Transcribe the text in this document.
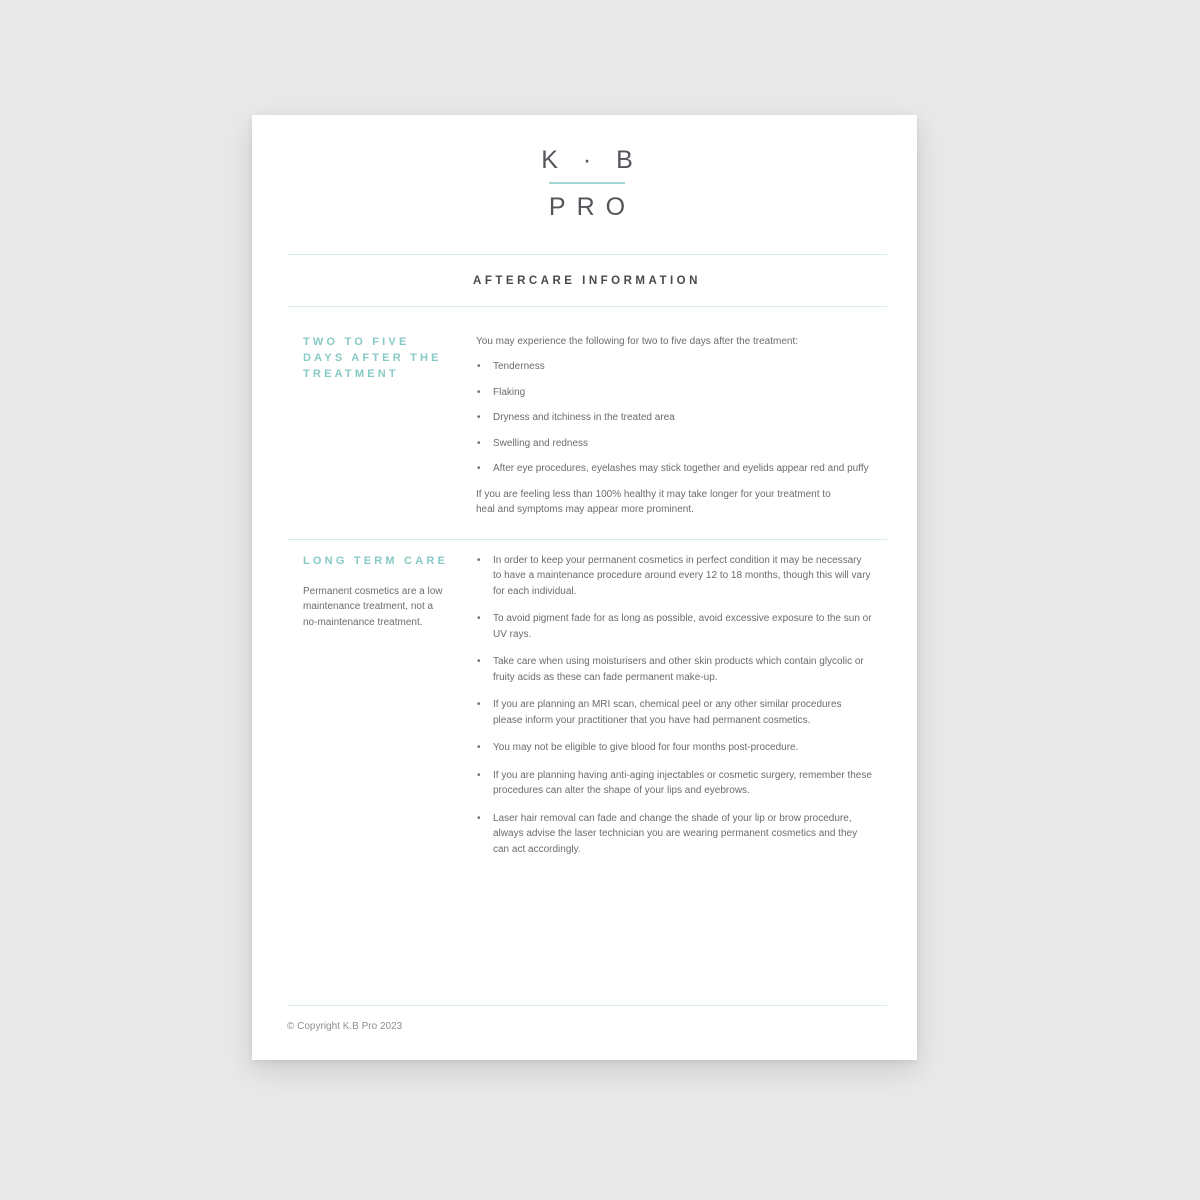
K · B
PRO
AFTERCARE INFORMATION
TWO TO FIVE DAYS AFTER THE TREATMENT

You may experience the following for two to five days after the treatment:

• Tenderness
• Flaking
• Dryness and itchiness in the treated area
• Swelling and redness
• After eye procedures, eyelashes may stick together and eyelids appear red and puffy

If you are feeling less than 100% healthy it may take longer for your treatment to heal and symptoms may appear more prominent.

LONG TERM CARE

Permanent cosmetics are a low maintenance treatment, not a no-maintenance treatment.

• In order to keep your permanent cosmetics in perfect condition it may be necessary to have a maintenance procedure around every 12 to 18 months, though this will vary for each individual.
• To avoid pigment fade for as long as possible, avoid excessive exposure to the sun or UV rays.
• Take care when using moisturisers and other skin products which contain glycolic or fruity acids as these can fade permanent make-up.
• If you are planning an MRI scan, chemical peel or any other similar procedures please inform your practitioner that you have had permanent cosmetics.
• You may not be eligible to give blood for four months post-procedure.
• If you are planning having anti-aging injectables or cosmetic surgery, remember these procedures can alter the shape of your lips and eyebrows.
• Laser hair removal can fade and change the shade of your lip or brow procedure, always advise the laser technician you are wearing permanent cosmetics and they can act accordingly.
© Copyright K.B Pro 2023
